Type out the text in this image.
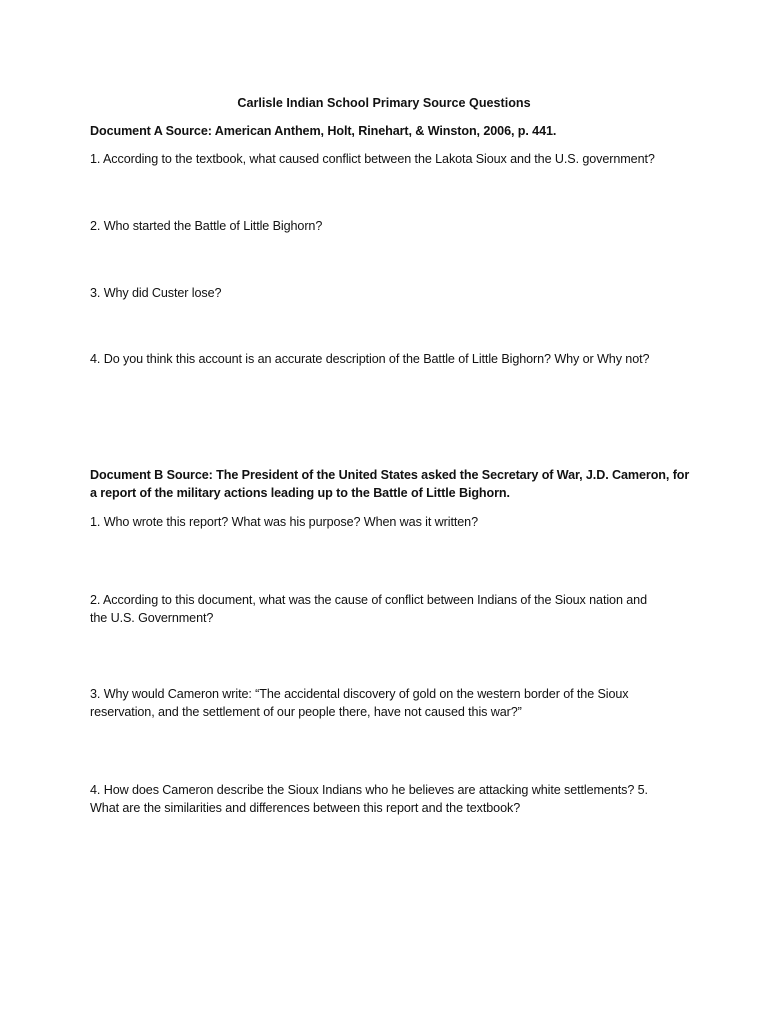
Carlisle Indian School Primary Source Questions
Document A Source: American Anthem, Holt, Rinehart, & Winston, 2006, p. 441.
1. According to the textbook, what caused conflict between the Lakota Sioux and the U.S. government?
2. Who started the Battle of Little Bighorn?
3. Why did Custer lose?
4. Do you think this account is an accurate description of the Battle of Little Bighorn? Why or Why not?
Document B Source: The President of the United States asked the Secretary of War, J.D. Cameron, for
a report of the military actions leading up to the Battle of Little Bighorn.
1. Who wrote this report? What was his purpose? When was it written?
2. According to this document, what was the cause of conflict between Indians of the Sioux nation and
the U.S. Government?
3. Why would Cameron write: “The accidental discovery of gold on the western border of the Sioux
reservation, and the settlement of our people there, have not caused this war?”
4. How does Cameron describe the Sioux Indians who he believes are attacking white settlements? 5.
What are the similarities and differences between this report and the textbook?
